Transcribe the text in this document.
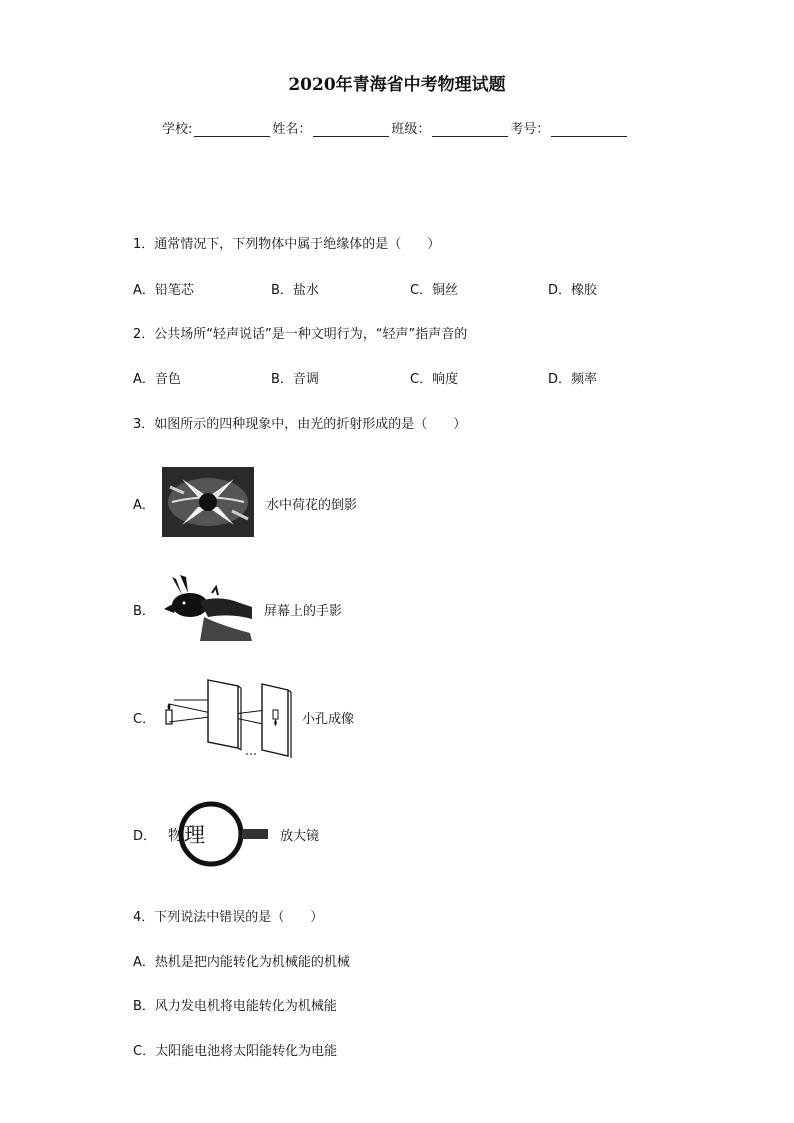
2020年青海省中考物理试题
学校:	姓名：	班级：	考号：
1．通常情况下，下列物体中属于绝缘体的是（　　）
A．铅笔芯	B．盐水	C．铜丝	D．橡胶
2．公共场所“轻声说话”是一种文明行为，“轻声”指声音的
A．音色	B．音调	C．响度	D．频率
3．如图所示的四种现象中，由光的折射形成的是（　　）
A．	水中荷花的倒影
B．	屏幕上的手影
C．	小孔成像
D． 物 理	放大镜
4．下列说法中错误的是（　　）
A．热机是把内能转化为机械能的机械
B．风力发电机将电能转化为机械能
C．太阳能电池将太阳能转化为电能
